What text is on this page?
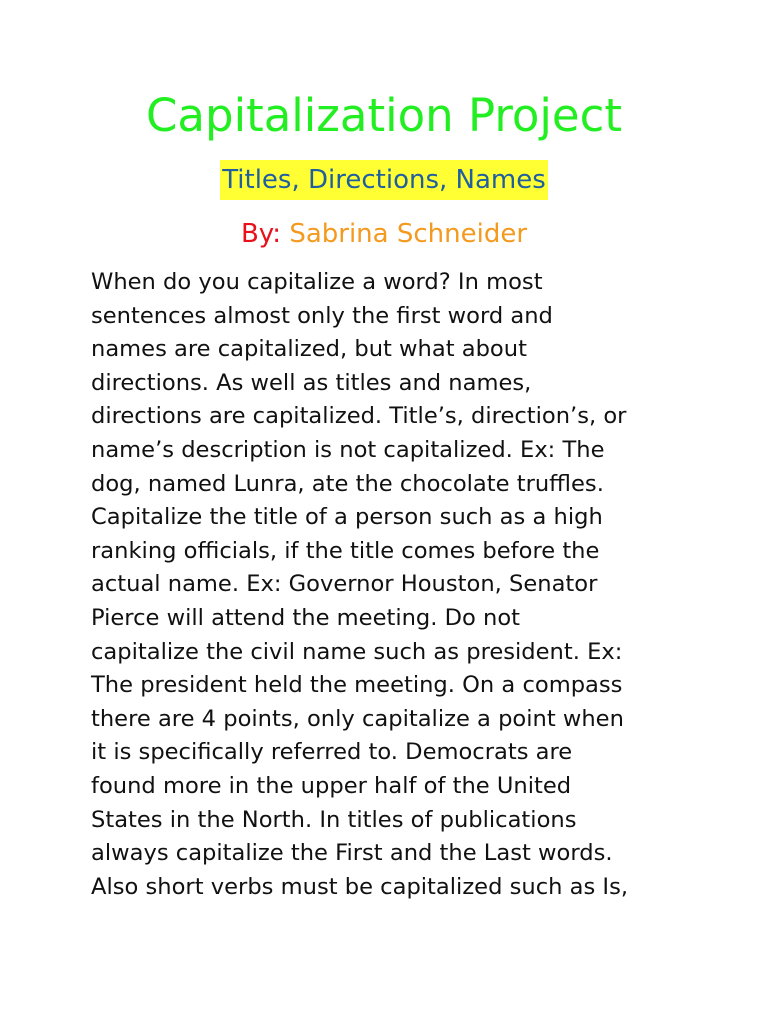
Capitalization Project
Titles, Directions, Names
By: Sabrina Schneider

When do you capitalize a word? In most
sentences almost only the first word and
names are capitalized, but what about
directions. As well as titles and names,
directions are capitalized. Title’s, direction’s, or
name’s description is not capitalized. Ex: The
dog, named Lunra, ate the chocolate truffles.
Capitalize the title of a person such as a high
ranking officials, if the title comes before the
actual name. Ex: Governor Houston, Senator
Pierce will attend the meeting. Do not
capitalize the civil name such as president. Ex:
The president held the meeting. On a compass
there are 4 points, only capitalize a point when
it is specifically referred to. Democrats are
found more in the upper half of the United
States in the North. In titles of publications
always capitalize the First and the Last words.
Also short verbs must be capitalized such as Is,
